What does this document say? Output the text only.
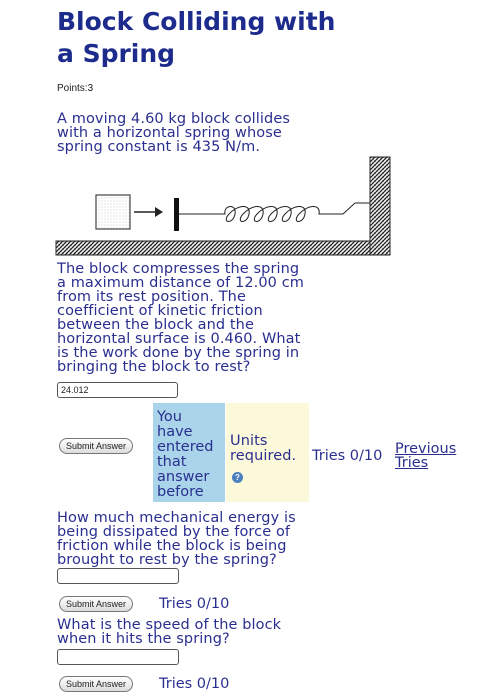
Block Colliding with
a Spring
Points:3
A moving 4.60 kg block collides
with a horizontal spring whose
spring constant is 435 N/m.
The block compresses the spring
a maximum distance of 12.00 cm
from its rest position. The
coefficient of kinetic friction
between the block and the
horizontal surface is 0.460. What
is the work done by the spring in
bringing the block to rest?
24.012
Submit Answer
You
have
entered
that
answer
before
Units
required.
?
Tries 0/10 Previous
Tries
How much mechanical energy is
being dissipated by the force of
friction while the block is being
brought to rest by the spring?
Submit Answer	Tries 0/10
What is the speed of the block
when it hits the spring?
Submit Answer	Tries 0/10
